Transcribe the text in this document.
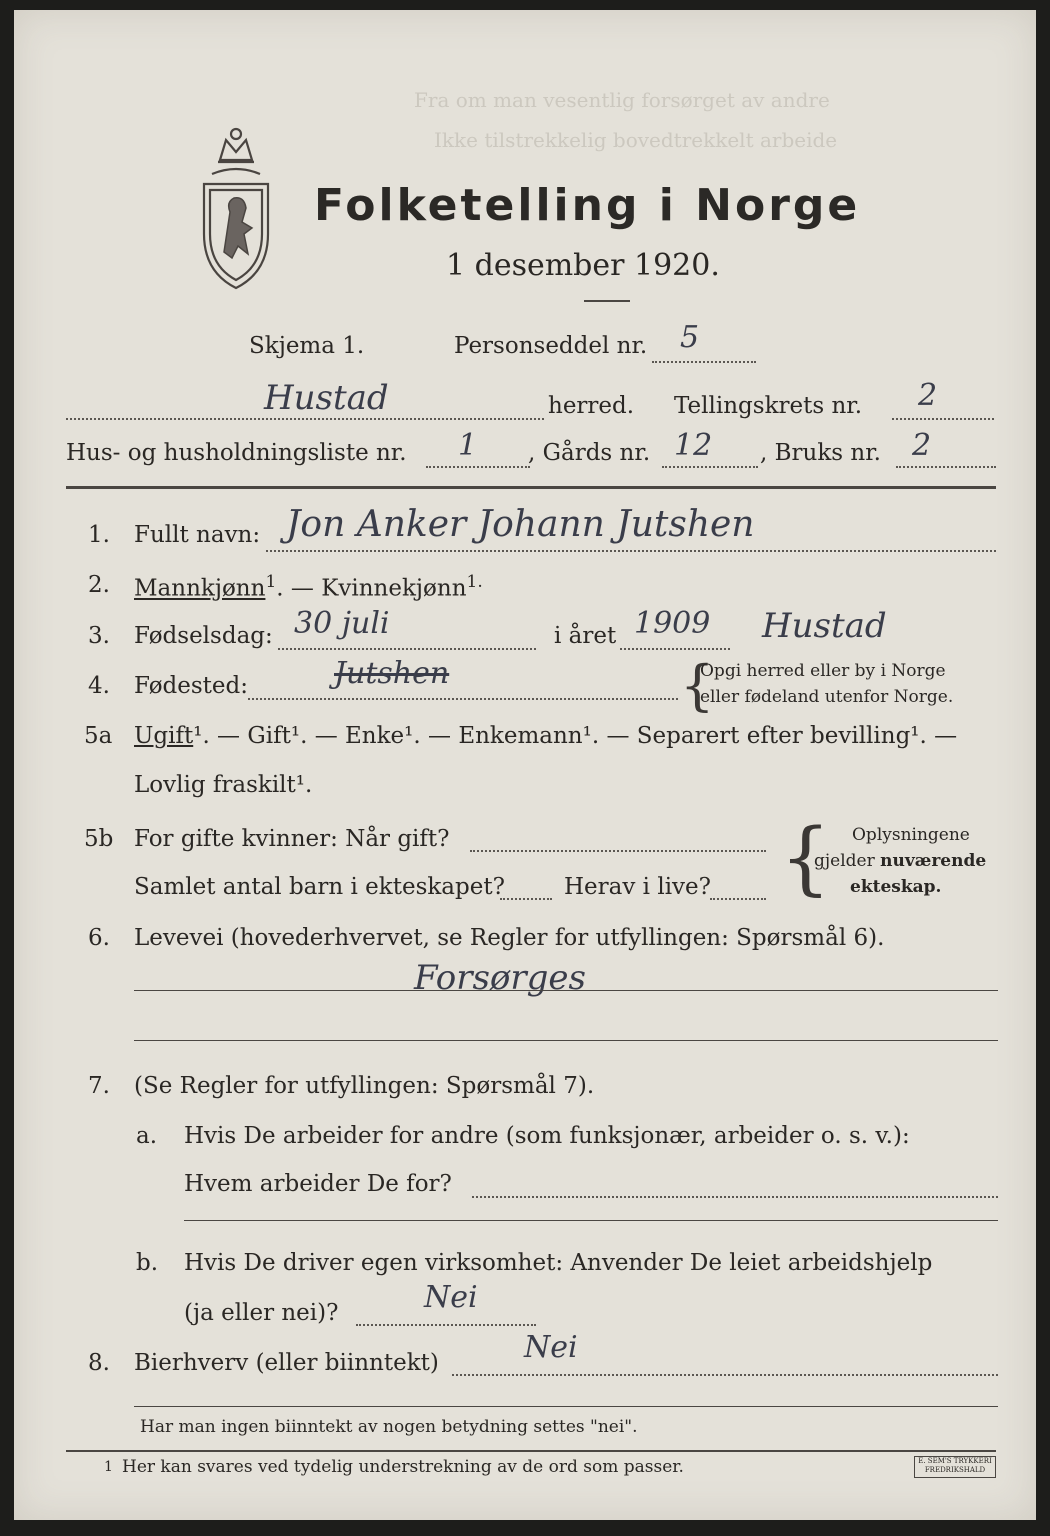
Fra om man vesentlig forsørget av andre
Ikke tilstrekkelig bovedtrekkelt arbeide
Folketelling i Norge
1 desember 1920.
Skjema 1.	Personseddel nr. 5
Hustad	herred. Tellingskrets nr. 2
Hus- og husholdningsliste nr. 1 , Gårds nr. 12 , Bruks nr. 2
1. Fullt navn: Jon Anker Johann Jutshen
2. Mannkjønn$^1$. — Kvinnekjønn$^{1.}$
3. Fødselsdag: 30 juli	i året 1909 Hustad
4. Fødested:	Jutshen	{
Opgi herred eller by i Norge
eller fødeland utenfor Norge.
5a Ugift¹. — Gift¹. — Enke¹. — Enkemann¹. — Separert efter bevilling¹. —
Lovlig fraskilt¹.
5b For gifte kvinner: Når gift?
Samlet antal barn i ekteskapet?	Herav i live? { Oplysningene
gjelder nuværende
ekteskap.
6. Levevei (hovederhvervet, se Regler for utfyllingen: Spørsmål 6).
Forsørges
7. (Se Regler for utfyllingen: Spørsmål 7).
a. Hvis De arbeider for andre (som funksjonær, arbeider o. s. v.):
Hvem arbeider De for?
b. Hvis De driver egen virksomhet: Anvender De leiet arbeidshjelp
(ja eller nei)?	Nei
8. Bierhverv (eller biinntekt)	Nei
Har man ingen biinntekt av nogen betydning settes "nei".
1 Her kan svares ved tydelig understrekning av de ord som passer.	E. SEM'S TRYKKERI FREDRIKSHALD
